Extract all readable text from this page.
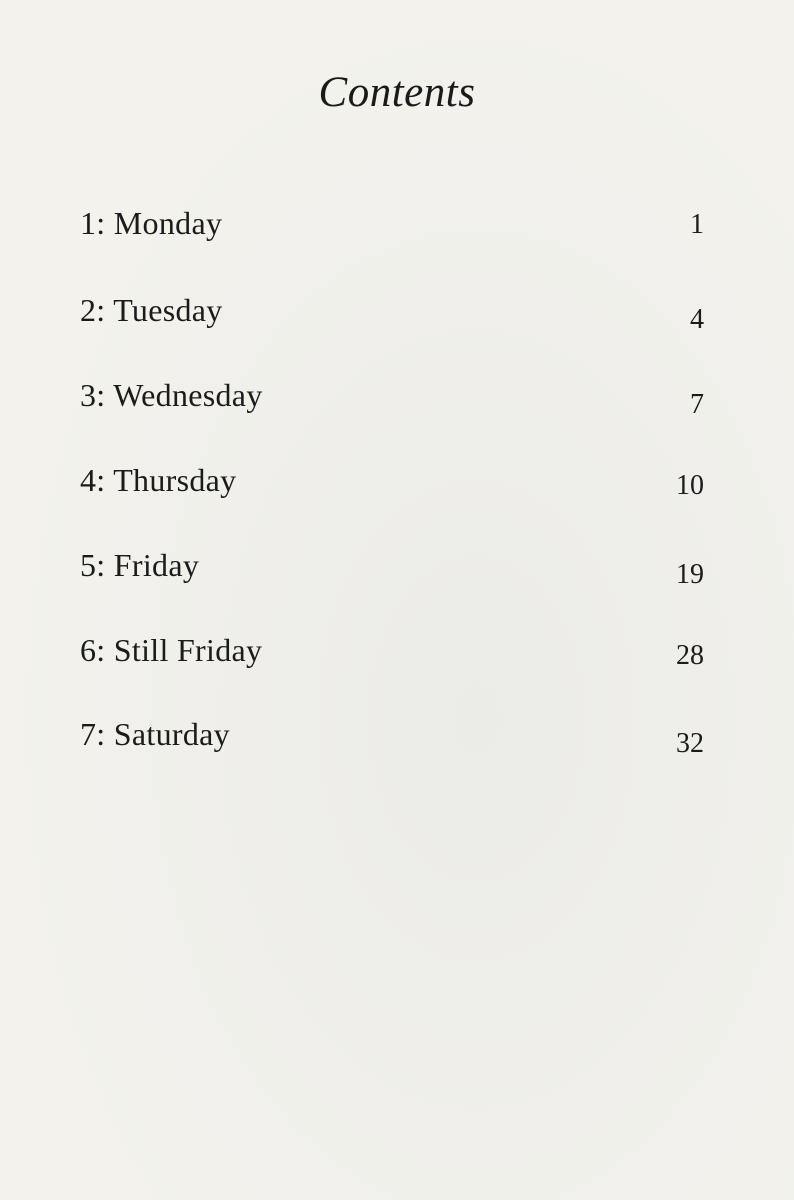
Contents
1: Monday	1
2: Tuesday	4
3: Wednesday	7
4: Thursday	10
5: Friday	19
6: Still Friday	28
7: Saturday	32
